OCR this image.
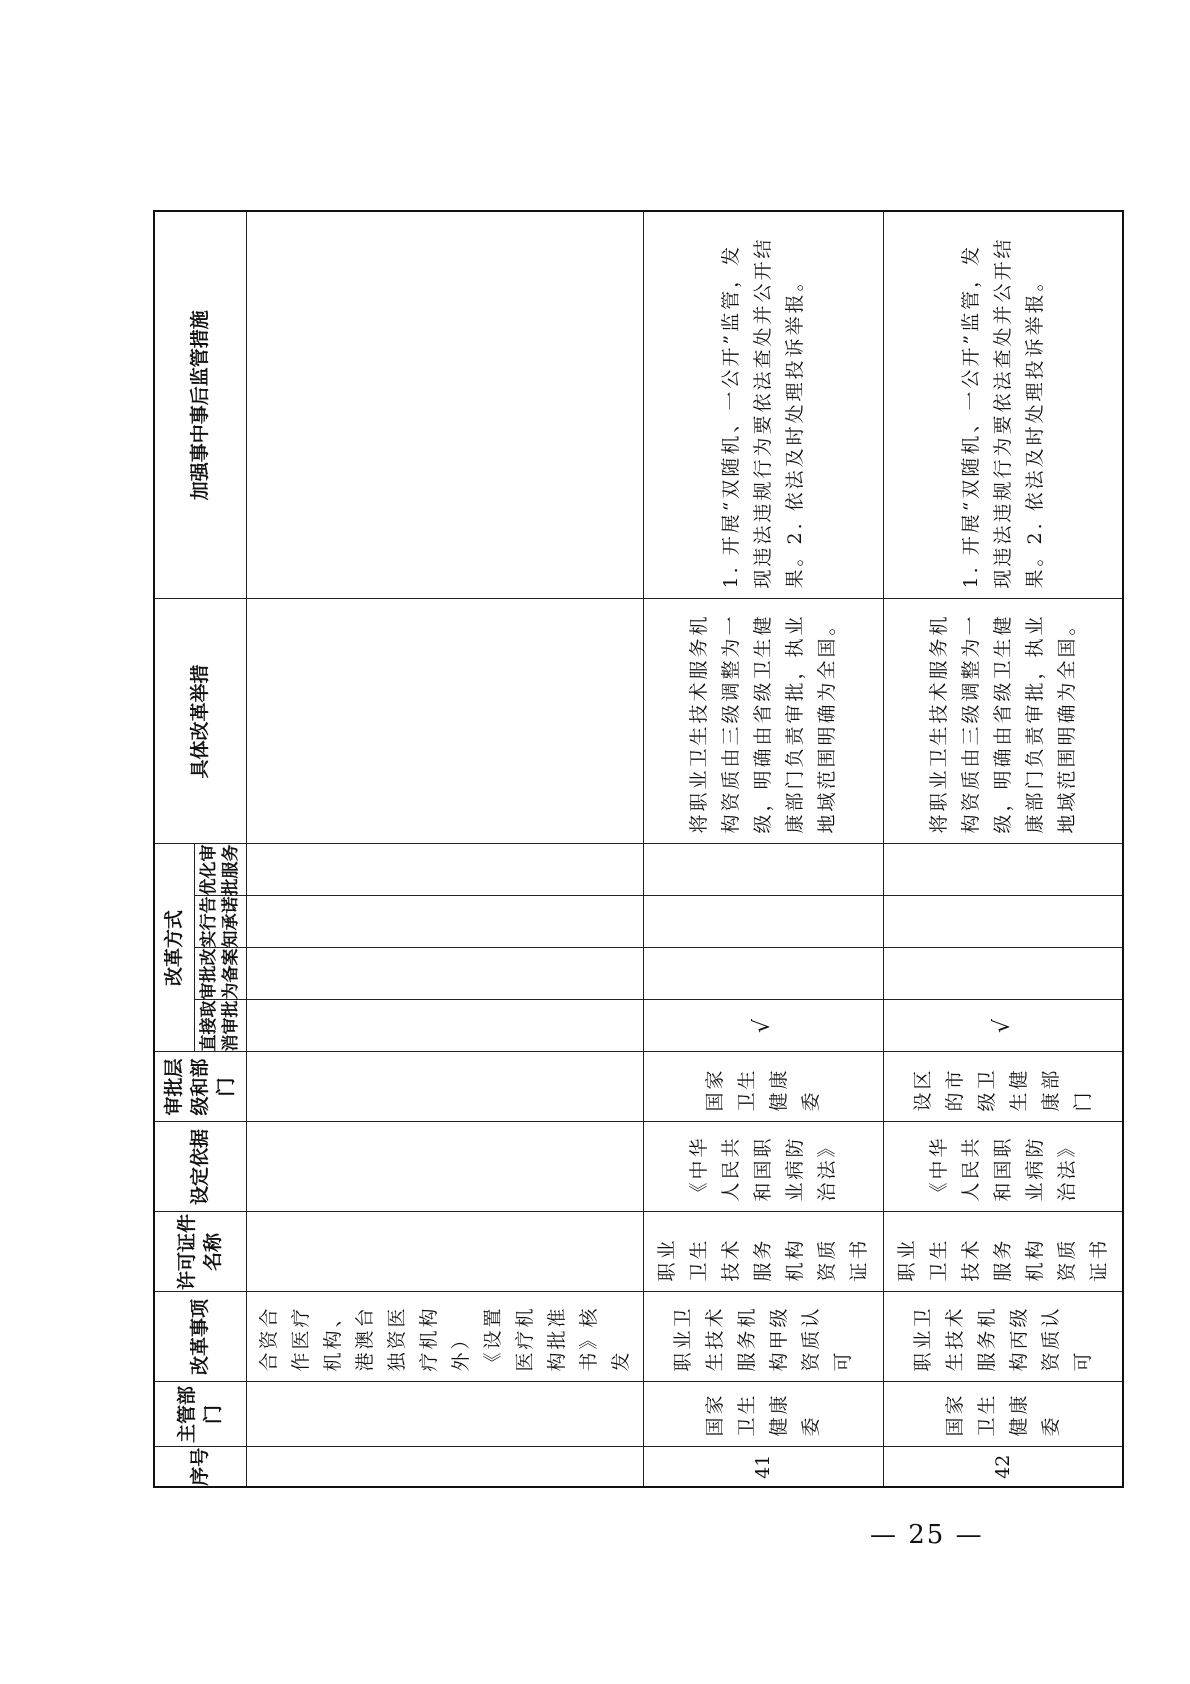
序号	主管部门	改革事项	许可证件名称	设定依据	审批层级和部门	改革方式				具体改革举措	加强事中事后监管措施
						直接取消审批	审批改为备案	实行告知承诺	优化审批服务		

		合资合作医疗机构、港澳台独资医疗机构外）《设置医疗机构批准书》核发									

41	国家卫生健康委	职业卫生技术服务机构甲级资质认可	职业卫生技术服务机构资质证书	《中华人民共和国职业病防治法》	国家卫生健康委	√				将职业卫生技术服务机构资质由三级调整为一级，明确由省级卫生健康部门负责审批，执业地域范围明确为全国。	1. 开展“双随机、一公开”监管，发现违法违规行为要依法查处并公开结果。2. 依法及时处理投诉举报。

42	国家卫生健康委	职业卫生技术服务机构丙级资质认可	职业卫生技术服务机构资质证书	《中华人民共和国职业病防治法》	设区的市级卫生健康部门	√				将职业卫生技术服务机构资质由三级调整为一级，明确由省级卫生健康部门负责审批，执业地域范围明确为全国。	1. 开展“双随机、一公开”监管，发现违法违规行为要依法查处并公开结果。2. 依法及时处理投诉举报。
— 25 —
